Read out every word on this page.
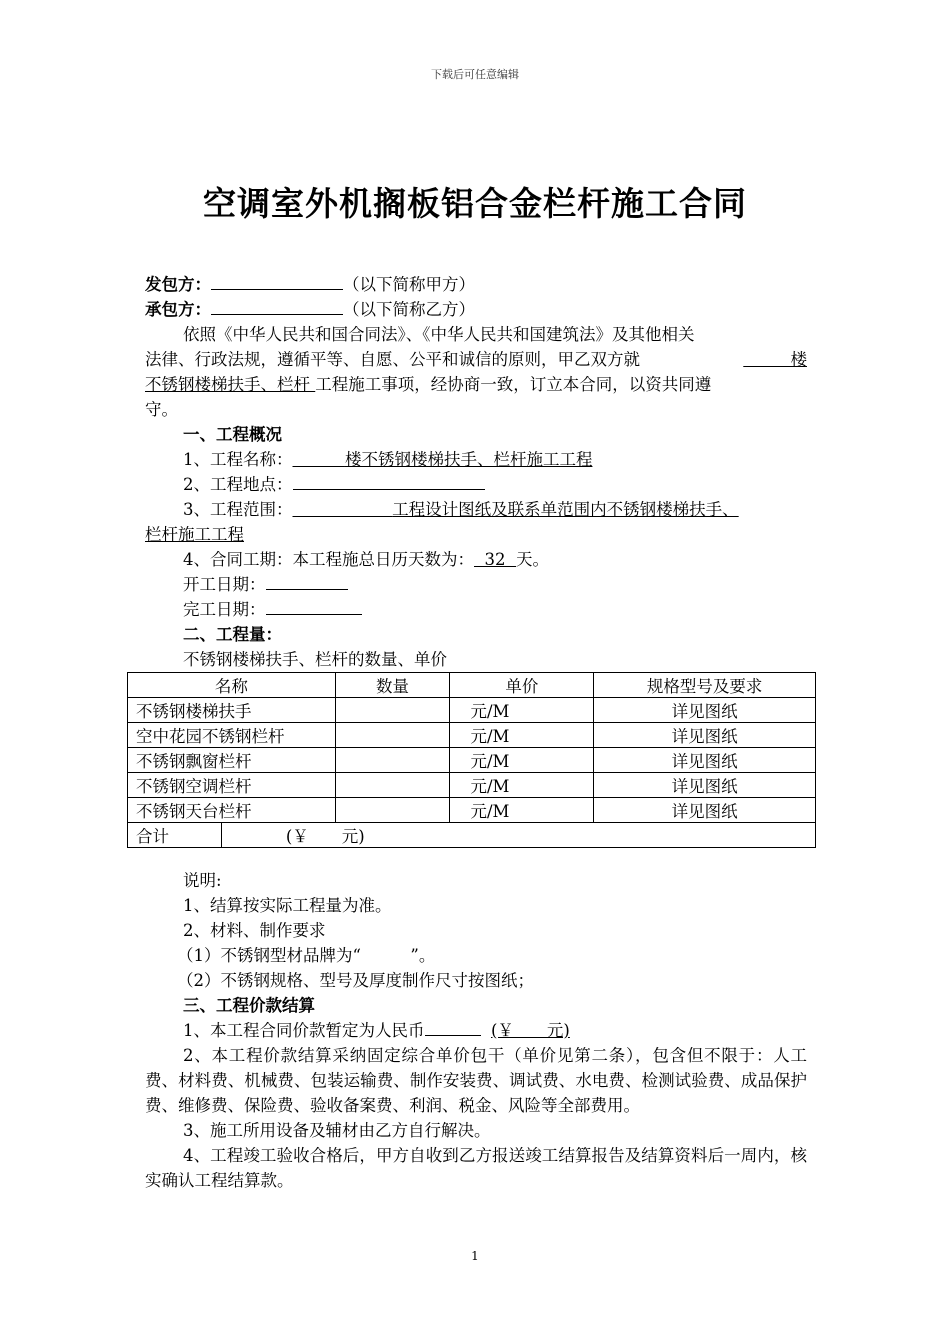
下载后可任意编辑
空调室外机搁板铝合金栏杆施工合同
发包方：	（以下简称甲方）
承包方：	（以下简称乙方）
依照《中华人民共和国合同法》、《中华人民共和国建筑法》及其他相关
法律、行政法规，遵循平等、自愿、公平和诚信的原则，甲乙双方就	楼
不锈钢楼梯扶手、栏杆 工程施工事项，经协商一致，订立本合同，以资共同遵
守。
一、工程概况
1、工程名称：	楼不锈钢楼梯扶手、栏杆施工工程
2、工程地点：
3、工程范围：	工程设计图纸及联系单范围内不锈钢楼梯扶手、
栏杆施工工程
4、合同工期：本工程施总日历天数为： 32 天。
开工日期：
完工日期：
二、工程量：
不锈钢楼梯扶手、栏杆的数量、单价
名称		数量	单价	规格型号及要求
不锈钢楼梯扶手			元/M	详见图纸
空中花园不锈钢栏杆			元/M	详见图纸
不锈钢飘窗栏杆			元/M	详见图纸
不锈钢空调栏杆			元/M	详见图纸
不锈钢天台栏杆			元/M	详见图纸
合计	(￥　　元)			
说明:
1、结算按实际工程量为准。
2、材料、制作要求
（1）不锈钢型材品牌为“　　　”。
（2）不锈钢规格、型号及厚度制作尺寸按图纸；
三、工程价款结算
1、本工程合同价款暂定为人民币	(￥　　元)
2、本工程价款结算采纳固定综合单价包干（单价见第二条），包含但不限于：人工费、材料费、机械费、包装运输费、制作安装费、调试费、水电费、检测试验费、成品保护费、维修费、保险费、验收备案费、利润、税金、风险等全部费用。
3、施工所用设备及辅材由乙方自行解决。
4、工程竣工验收合格后，甲方自收到乙方报送竣工结算报告及结算资料后一周内，核实确认工程结算款。
1
